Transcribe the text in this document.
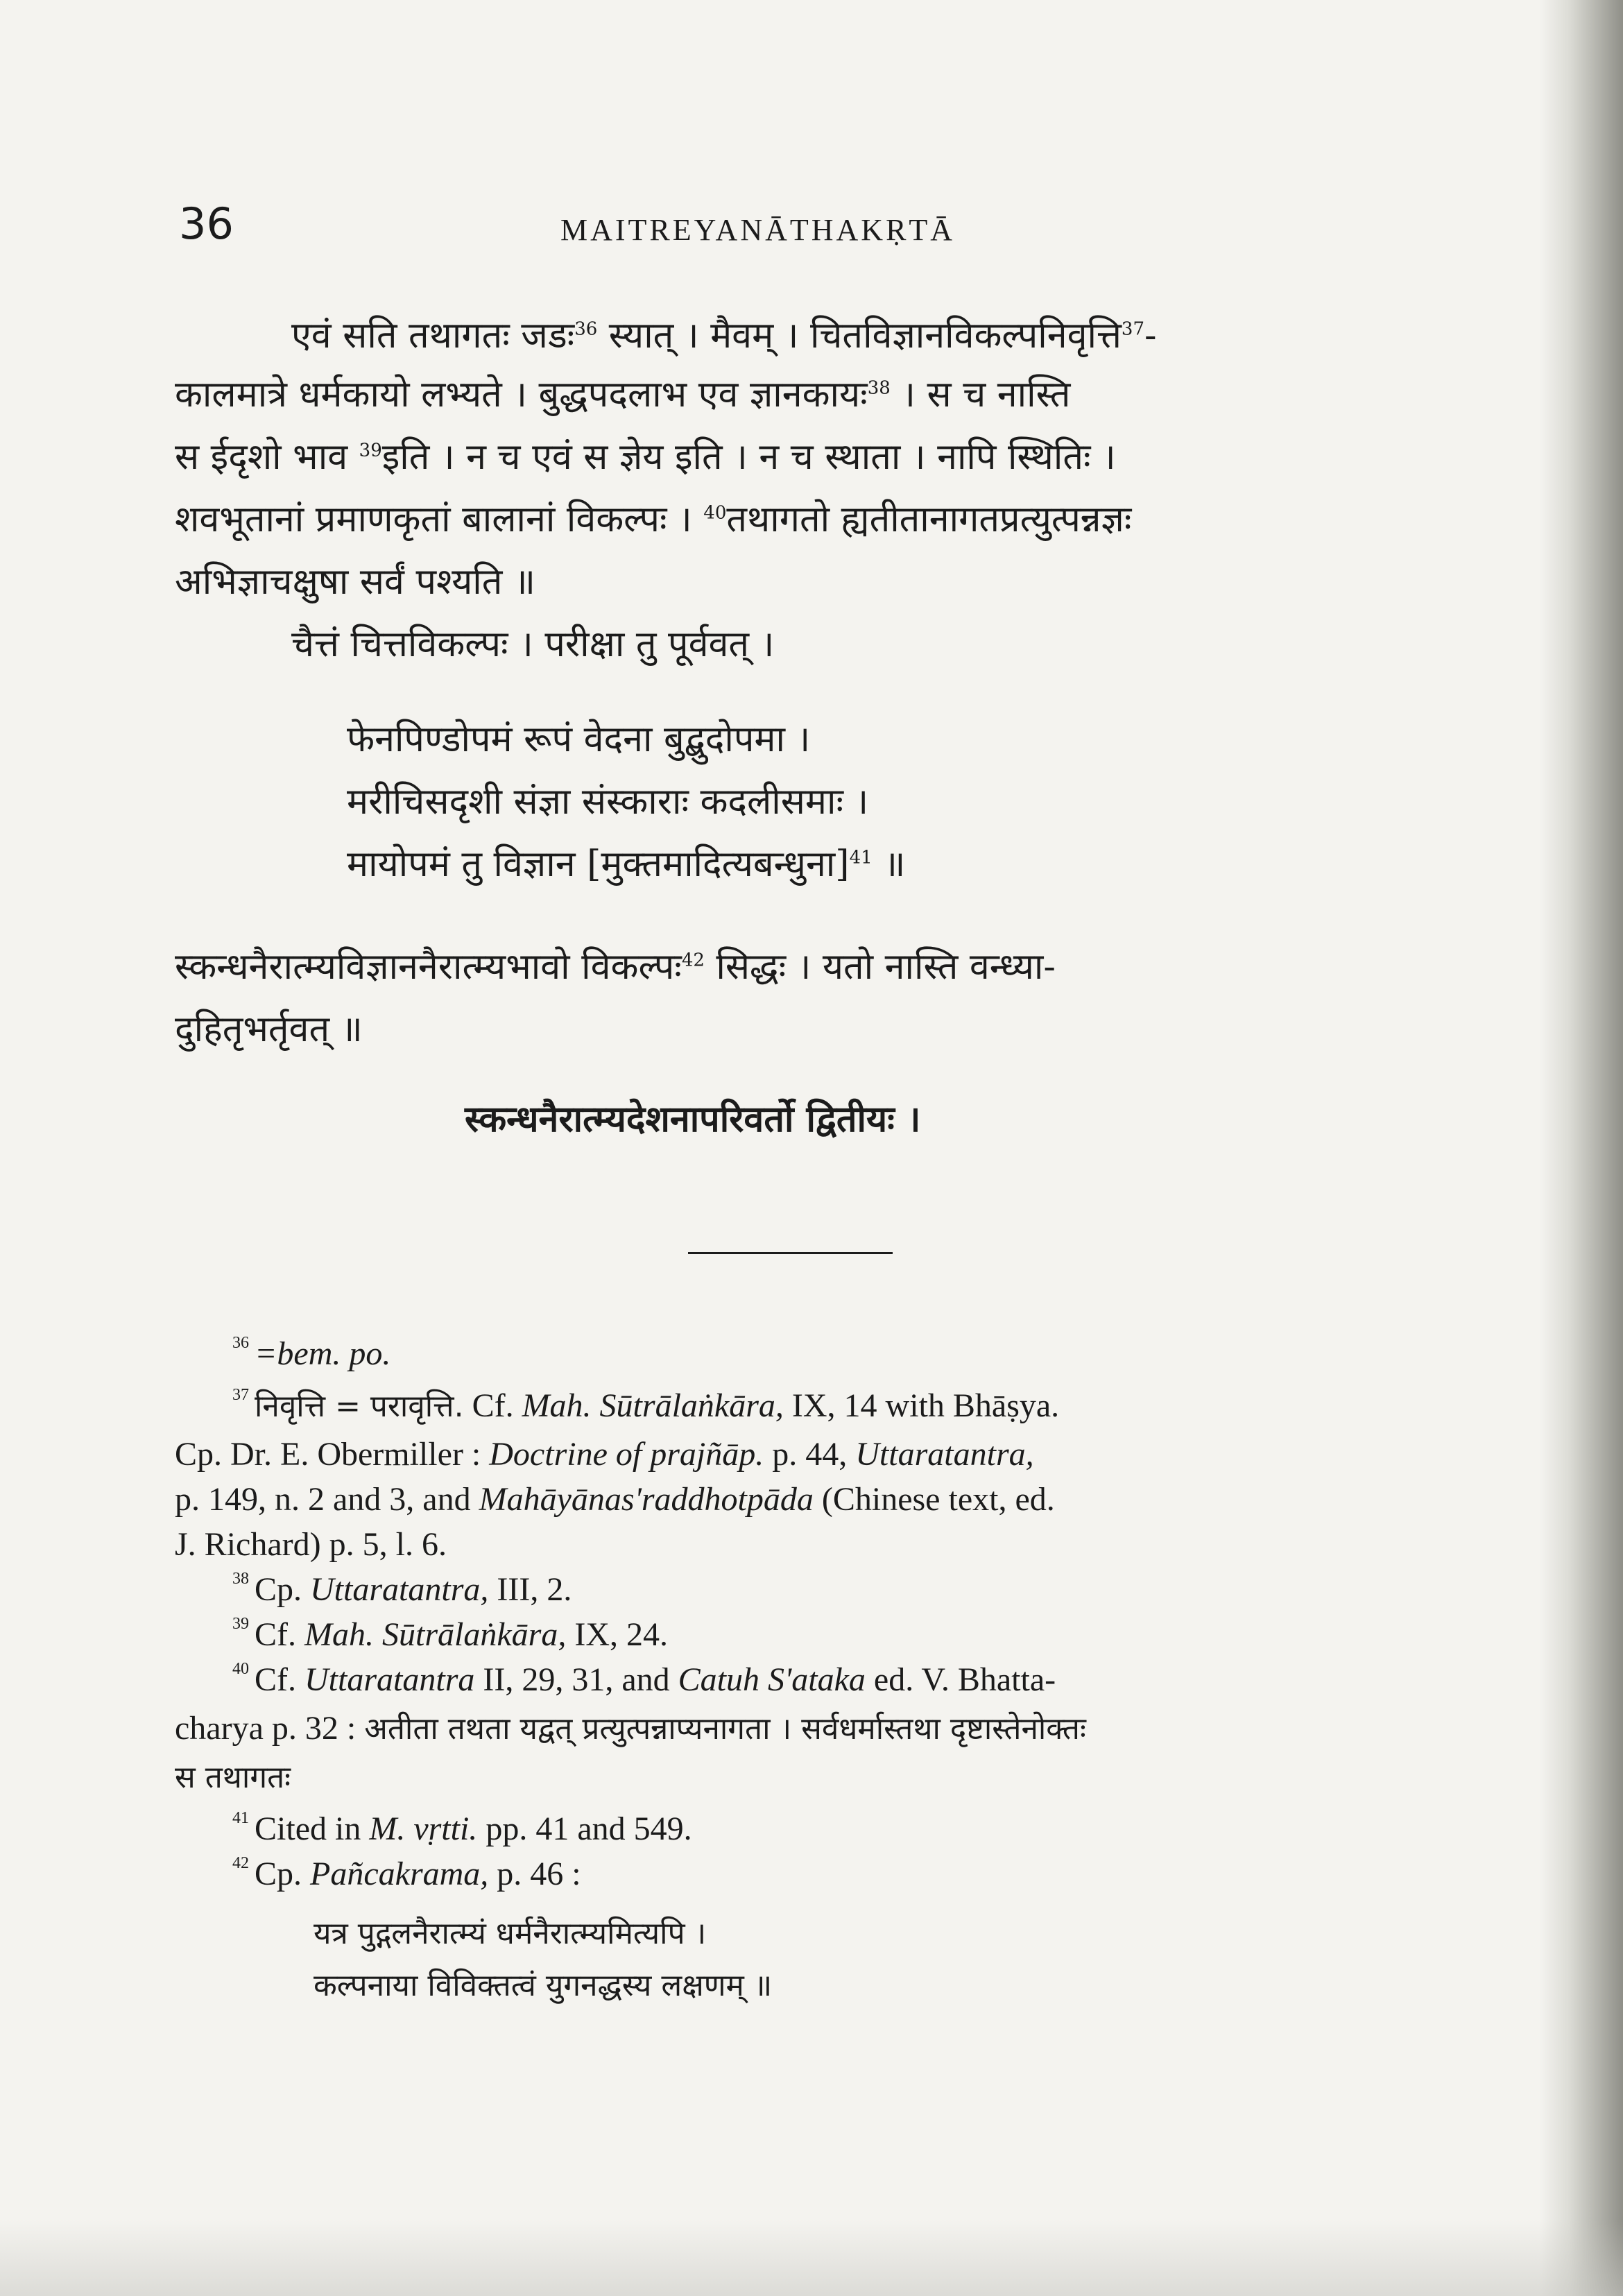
36	MAITREYANĀTHAKṚTĀ
एवं सति तथागतः जडः$^{36}$ स्यात् । मैवम् । चितविज्ञानविकल्पनिवृत्ति$^{37}$-
कालमात्रे धर्मकायो लभ्यते । बुद्धपदलाभ एव ज्ञानकायः$^{38}$ । स च नास्ति
स ईदृशो भाव $^{39}$इति । न च एवं स ज्ञेय इति । न च स्थाता । नापि स्थितिः ।
शवभूतानां प्रमाणकृतां बालानां विकल्पः । $^{40}$तथागतो ह्यतीतानागतप्रत्युत्पन्नज्ञः
अभिज्ञाचक्षुषा सर्वं पश्यति ॥
चैत्तं चित्तविकल्पः । परीक्षा तु पूर्ववत् ।
फेनपिण्डोपमं रूपं वेदना बुद्बुदोपमा ।
मरीचिसदृशी संज्ञा संस्काराः कदलीसमाः ।
मायोपमं तु विज्ञान [मुक्तमादित्यबन्धुना]$^{41}$ ॥
स्कन्धनैरात्म्यविज्ञाननैरात्म्यभावो विकल्पः$^{42}$ सिद्धः । यतो नास्ति वन्ध्या-
दुहितृभर्तृवत् ॥
स्कन्धनैरात्म्यदेशनापरिवर्तो द्वितीयः ।
$^{36}$ =bem. po.
$^{37}$ निवृत्ति = परावृत्ति. Cf. Mah. Sūtrālaṅkāra, IX, 14 with Bhāṣya.
Cp. Dr. E. Obermiller : Doctrine of prajñāp. p. 44, Uttaratantra,
p. 149, n. 2 and 3, and Mahāyānas'raddhotpāda (Chinese text, ed.
J. Richard) p. 5, l. 6.
$^{38}$ Cp. Uttaratantra, III, 2.
$^{39}$ Cf. Mah. Sūtrālaṅkāra, IX, 24.
$^{40}$ Cf. Uttaratantra II, 29, 31, and Catuh S'ataka ed. V. Bhatta-
charya p. 32 : अतीता तथता यद्वत् प्रत्युत्पन्नाप्यनागता । सर्वधर्मास्तथा दृष्टास्तेनोक्तः
स तथागतः
$^{41}$ Cited in M. vṛtti. pp. 41 and 549.
$^{42}$ Cp. Pañcakrama, p. 46 :
यत्र पुद्गलनैरात्म्यं धर्मनैरात्म्यमित्यपि ।
कल्पनाया विविक्तत्वं युगनद्धस्य लक्षणम् ॥
